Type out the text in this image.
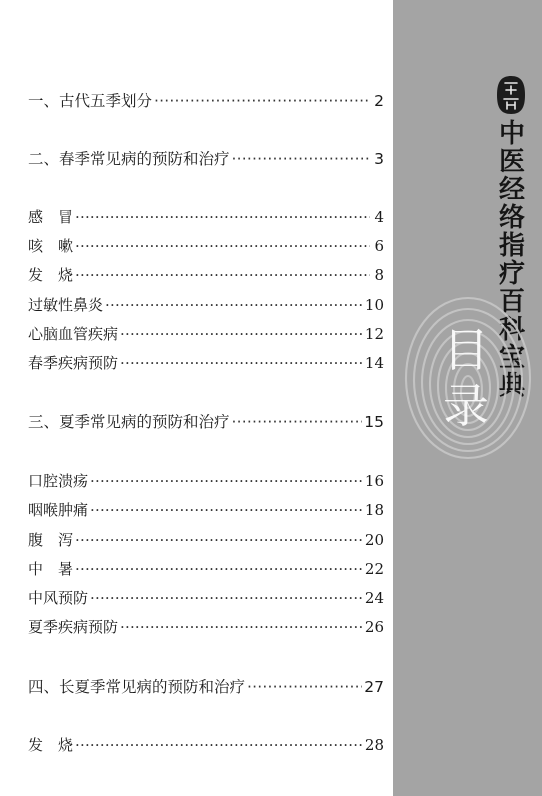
一、古代五季划分 ·····	2
二、春季常见病的预防和治疗 ·····	3
感　冒 ·····	4
咳　嗽 ·····	6
发　烧 ·····	8
过敏性鼻炎 ·····	10
心脑血管疾病 ·····	12
春季疾病预防 ·····	14
三、夏季常见病的预防和治疗 ·····	15
口腔溃疡 ·····	16
咽喉肿痛 ·····	18
腹　泻 ·····	20
中　暑 ·····	22
中风预防 ·····	24
夏季疾病预防 ·····	26
四、长夏季常见病的预防和治疗 ·····	27
发　烧 ·····	28
中
医
经
络
指
疗
百
科
宝
典
目
录
